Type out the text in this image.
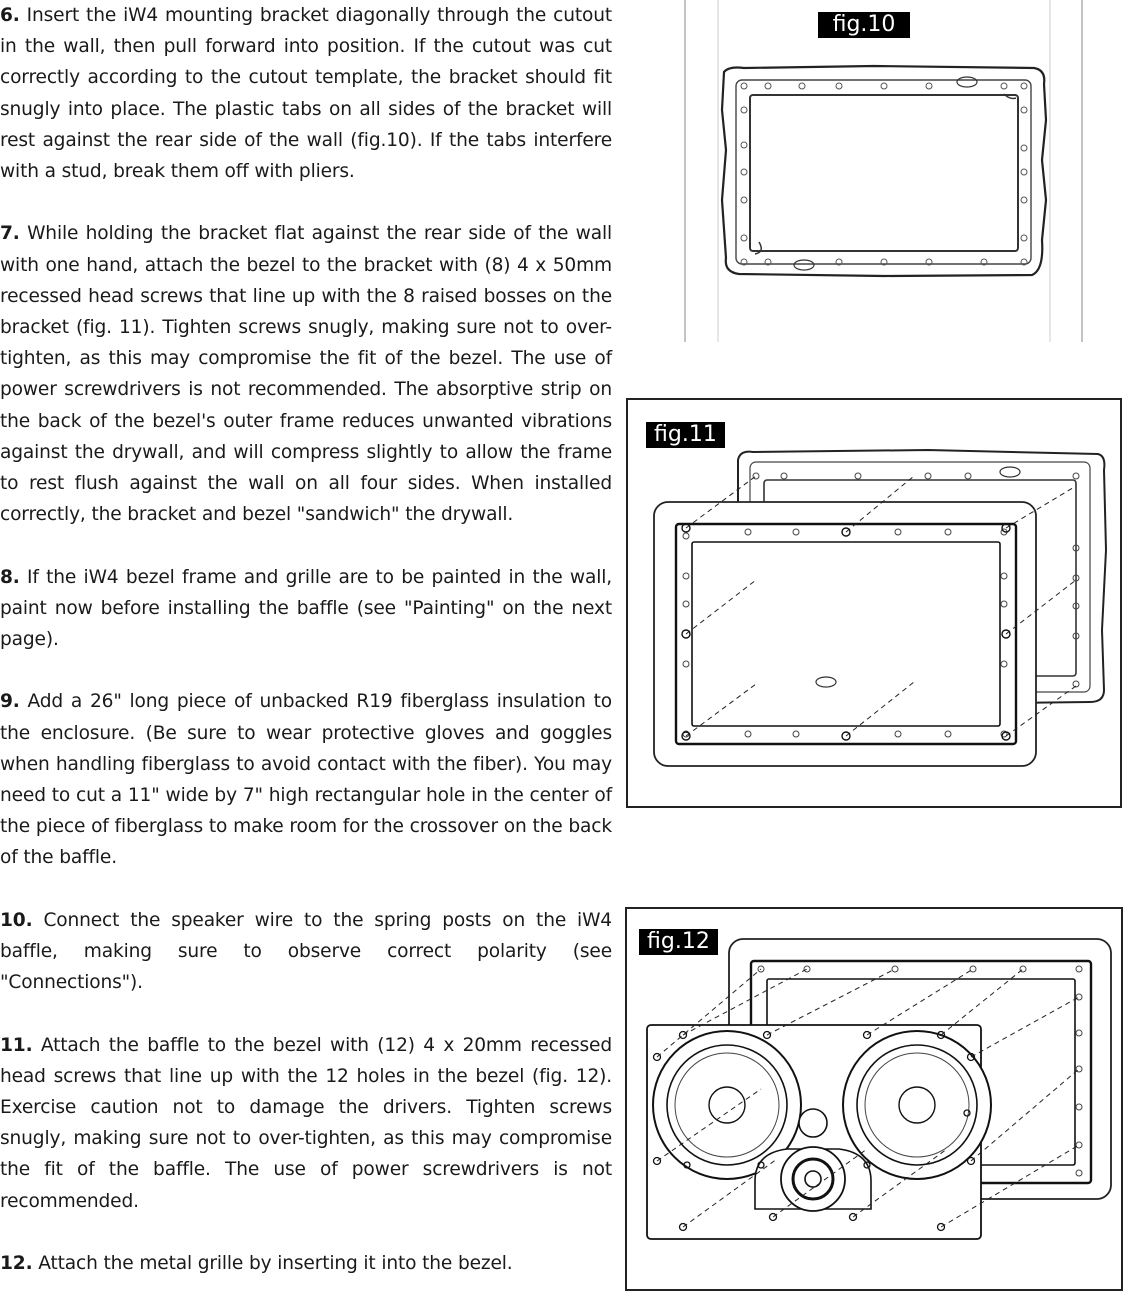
6. Insert the iW4 mounting bracket diagonally through the cutout in the wall, then pull forward into position. If the cutout was cut correctly according to the cutout template, the bracket should fit snugly into place. The plastic tabs on all sides of the bracket will rest against the rear side of the wall (fig.10). If the tabs interfere with a stud, break them off with pliers.

7. While holding the bracket flat against the rear side of the wall with one hand, attach the bezel to the bracket with (8) 4 x 50mm recessed head screws that line up with the 8 raised bosses on the bracket (fig. 11). Tighten screws snugly, making sure not to over-tighten, as this may compromise the fit of the bezel. The use of power screwdrivers is not recommended. The absorptive strip on the back of the bezel's outer frame reduces unwanted vibrations against the drywall, and will compress slightly to allow the frame to rest flush against the wall on all four sides. When installed correctly, the bracket and bezel "sandwich" the drywall.

8. If the iW4 bezel frame and grille are to be painted in the wall, paint now before installing the baffle (see "Painting" on the next page).

9. Add a 26" long piece of unbacked R19 fiberglass insulation to the enclosure. (Be sure to wear protective gloves and goggles when handling fiberglass to avoid contact with the fiber). You may need to cut a 11" wide by 7" high rectangular hole in the center of the piece of fiberglass to make room for the crossover on the back of the baffle.

10. Connect the speaker wire to the spring posts on the iW4 baffle, making sure to observe correct polarity (see "Connections").

11. Attach the baffle to the bezel with (12) 4 x 20mm recessed head screws that line up with the 12 holes in the bezel (fig. 12). Exercise caution not to damage the drivers. Tighten screws snugly, making sure not to over-tighten, as this may compromise the fit of the baffle. The use of power screwdrivers is not recommended.

12. Attach the metal grille by inserting it into the bezel.

fig.10
fig.11
fig.12
